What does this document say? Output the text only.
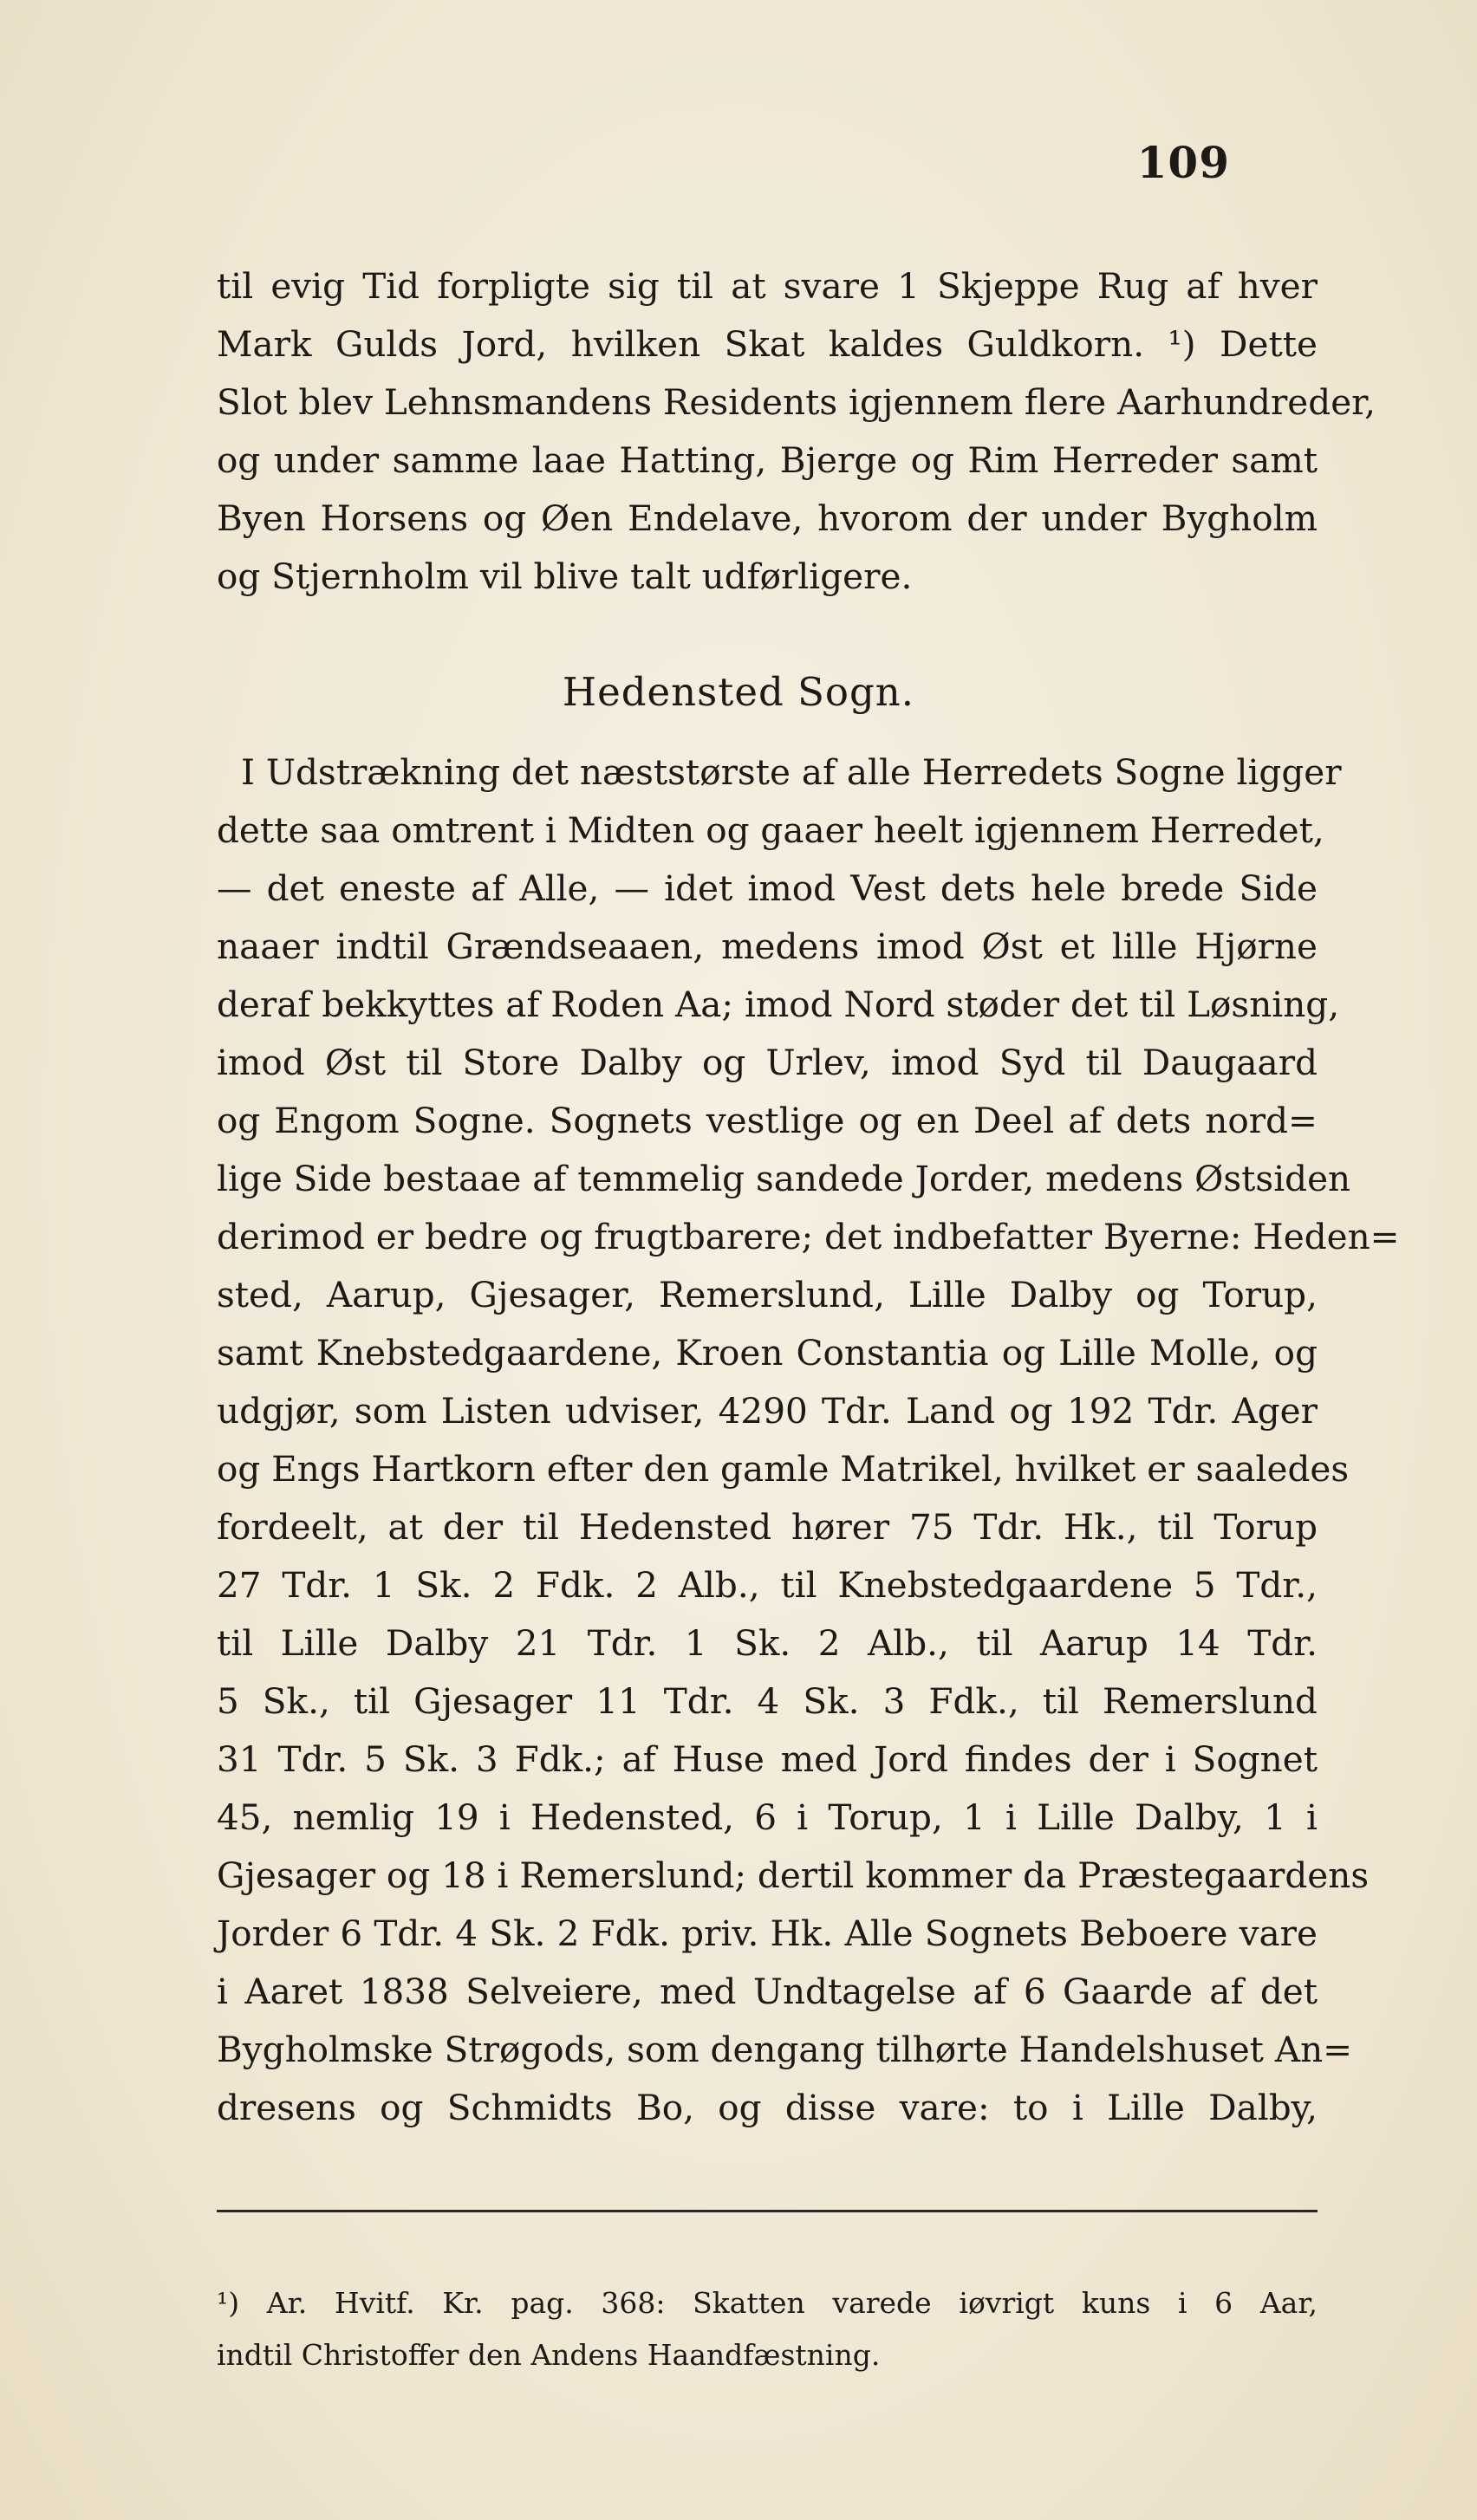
109
til evig Tid forpligte sig til at svare 1 Skjeppe Rug af hver
Mark Gulds Jord, hvilken Skat kaldes Guldkorn. ¹) Dette
Slot blev Lehnsmandens Residents igjennem flere Aarhundreder,
og under samme laae Hatting, Bjerge og Rim Herreder samt
Byen Horsens og Øen Endelave, hvorom der under Bygholm
og Stjernholm vil blive talt udførligere.
Hedensted Sogn.
I Udstrækning det næststørste af alle Herredets Sogne ligger
dette saa omtrent i Midten og gaaer heelt igjennem Herredet,
— det eneste af Alle, — idet imod Vest dets hele brede Side
naaer indtil Grændseaaen, medens imod Øst et lille Hjørne
deraf bekkyttes af Roden Aa; imod Nord støder det til Løsning,
imod Øst til Store Dalby og Urlev, imod Syd til Daugaard
og Engom Sogne. Sognets vestlige og en Deel af dets nord=
lige Side bestaae af temmelig sandede Jorder, medens Østsiden
derimod er bedre og frugtbarere; det indbefatter Byerne: Heden=
sted, Aarup, Gjesager, Remerslund, Lille Dalby og Torup,
samt Knebstedgaardene, Kroen Constantia og Lille Molle, og
udgjør, som Listen udviser, 4290 Tdr. Land og 192 Tdr. Ager
og Engs Hartkorn efter den gamle Matrikel, hvilket er saaledes
fordeelt, at der til Hedensted hører 75 Tdr. Hk., til Torup
27 Tdr. 1 Sk. 2 Fdk. 2 Alb., til Knebstedgaardene 5 Tdr.,
til Lille Dalby 21 Tdr. 1 Sk. 2 Alb., til Aarup 14 Tdr.
5 Sk., til Gjesager 11 Tdr. 4 Sk. 3 Fdk., til Remerslund
31 Tdr. 5 Sk. 3 Fdk.; af Huse med Jord findes der i Sognet
45, nemlig 19 i Hedensted, 6 i Torup, 1 i Lille Dalby, 1 i
Gjesager og 18 i Remerslund; dertil kommer da Præstegaardens
Jorder 6 Tdr. 4 Sk. 2 Fdk. priv. Hk. Alle Sognets Beboere vare
i Aaret 1838 Selveiere, med Undtagelse af 6 Gaarde af det
Bygholmske Strøgods, som dengang tilhørte Handelshuset An=
dresens og Schmidts Bo, og disse vare: to i Lille Dalby,
¹) Ar. Hvitf. Kr. pag. 368: Skatten varede iøvrigt kuns i 6 Aar,
indtil Christoffer den Andens Haandfæstning.
